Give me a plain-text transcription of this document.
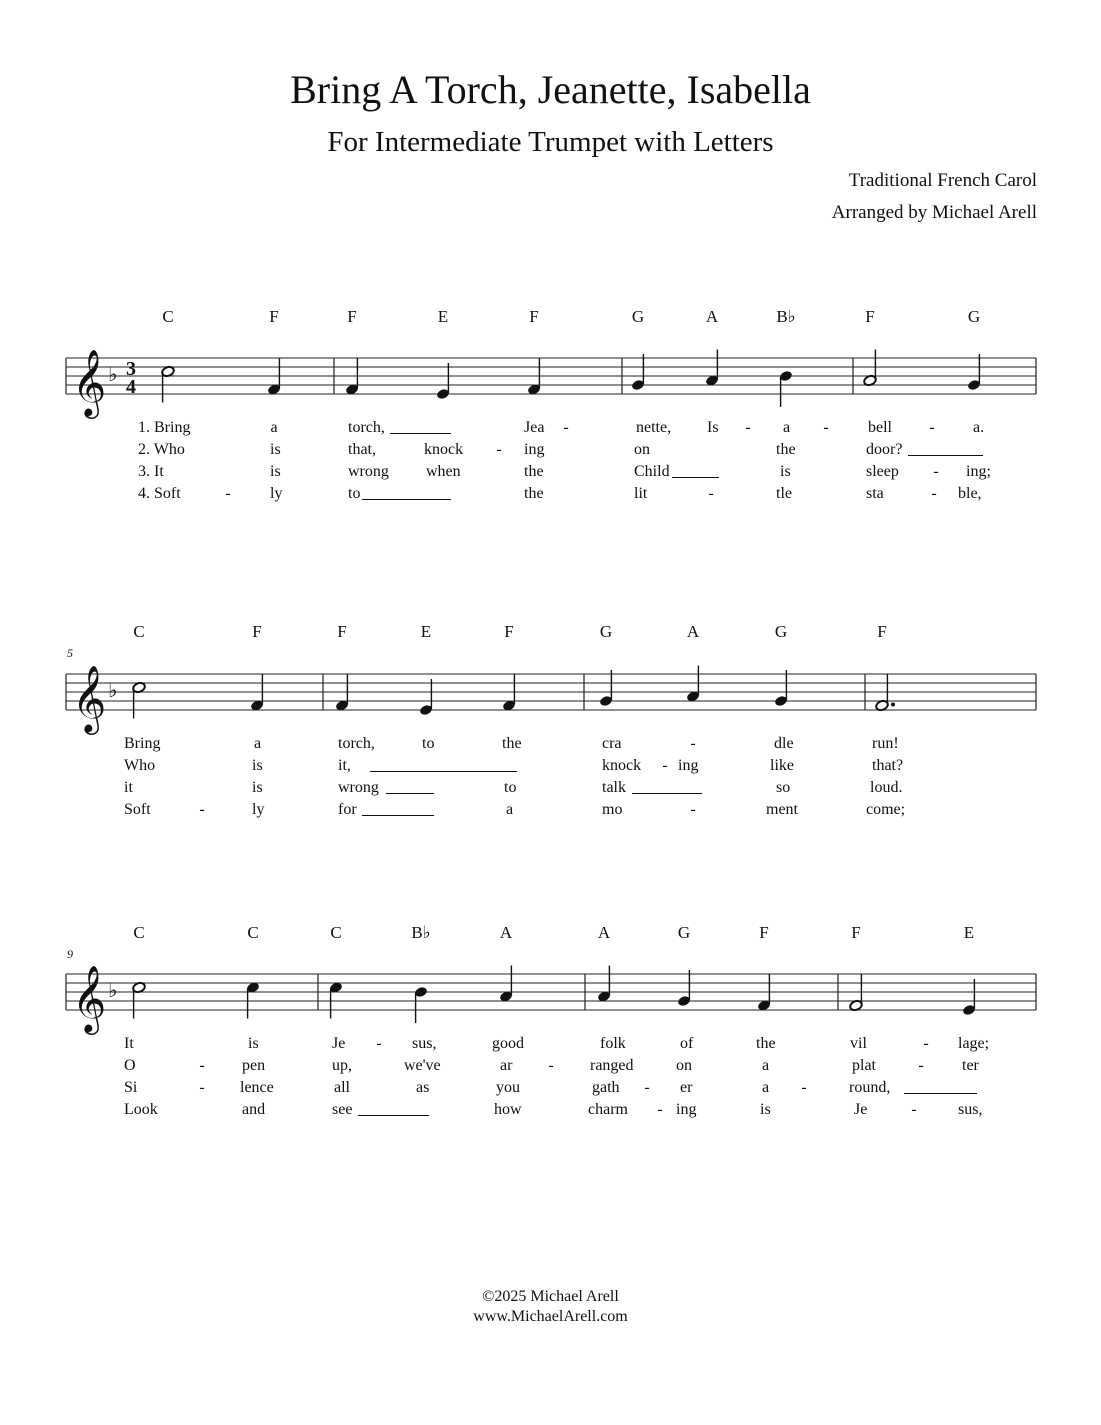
Bring A Torch, Jeanette, Isabella
For Intermediate Trumpet with Letters
Traditional French Carol
Arranged by Michael Arell
C	F	F	E	F	G	A	B♭	F	G
𝄞 ♭ 3
4
1. Bring	a	torch,	Jea -	nette, Is - a - bell - a.
2. Who	is	that,	knock - ing	on	the	door?
3. It	is	wrong when	the	Child	is	sleep - ing;
4. Soft	- ly	to	the	lit	-	tle	sta	- ble,
5
C	F	F	E	F	G	A	G	F
𝄞 ♭
Bring	a	torch,	to	the	cra	-	dle	run!
Who	is	it,	knock - ing	like	that?
it	is	wrong	to	talk	so	loud.
Soft	-	ly	for	a	mo	-	ment	come;
9
C	C	C	B♭	A	A	G	F	F	E
𝄞 ♭
It	is	Je - sus,	good	folk	of	the	vil	- lage;
O	- pen	up,	we've	ar - ranged	on	a	plat	- ter
Si	- lence	all	as	you	gath - er	a -	round,
Look	and	see	how	charm - ing	is	Je	-	sus,
©2025 Michael Arell
www.MichaelArell.com
